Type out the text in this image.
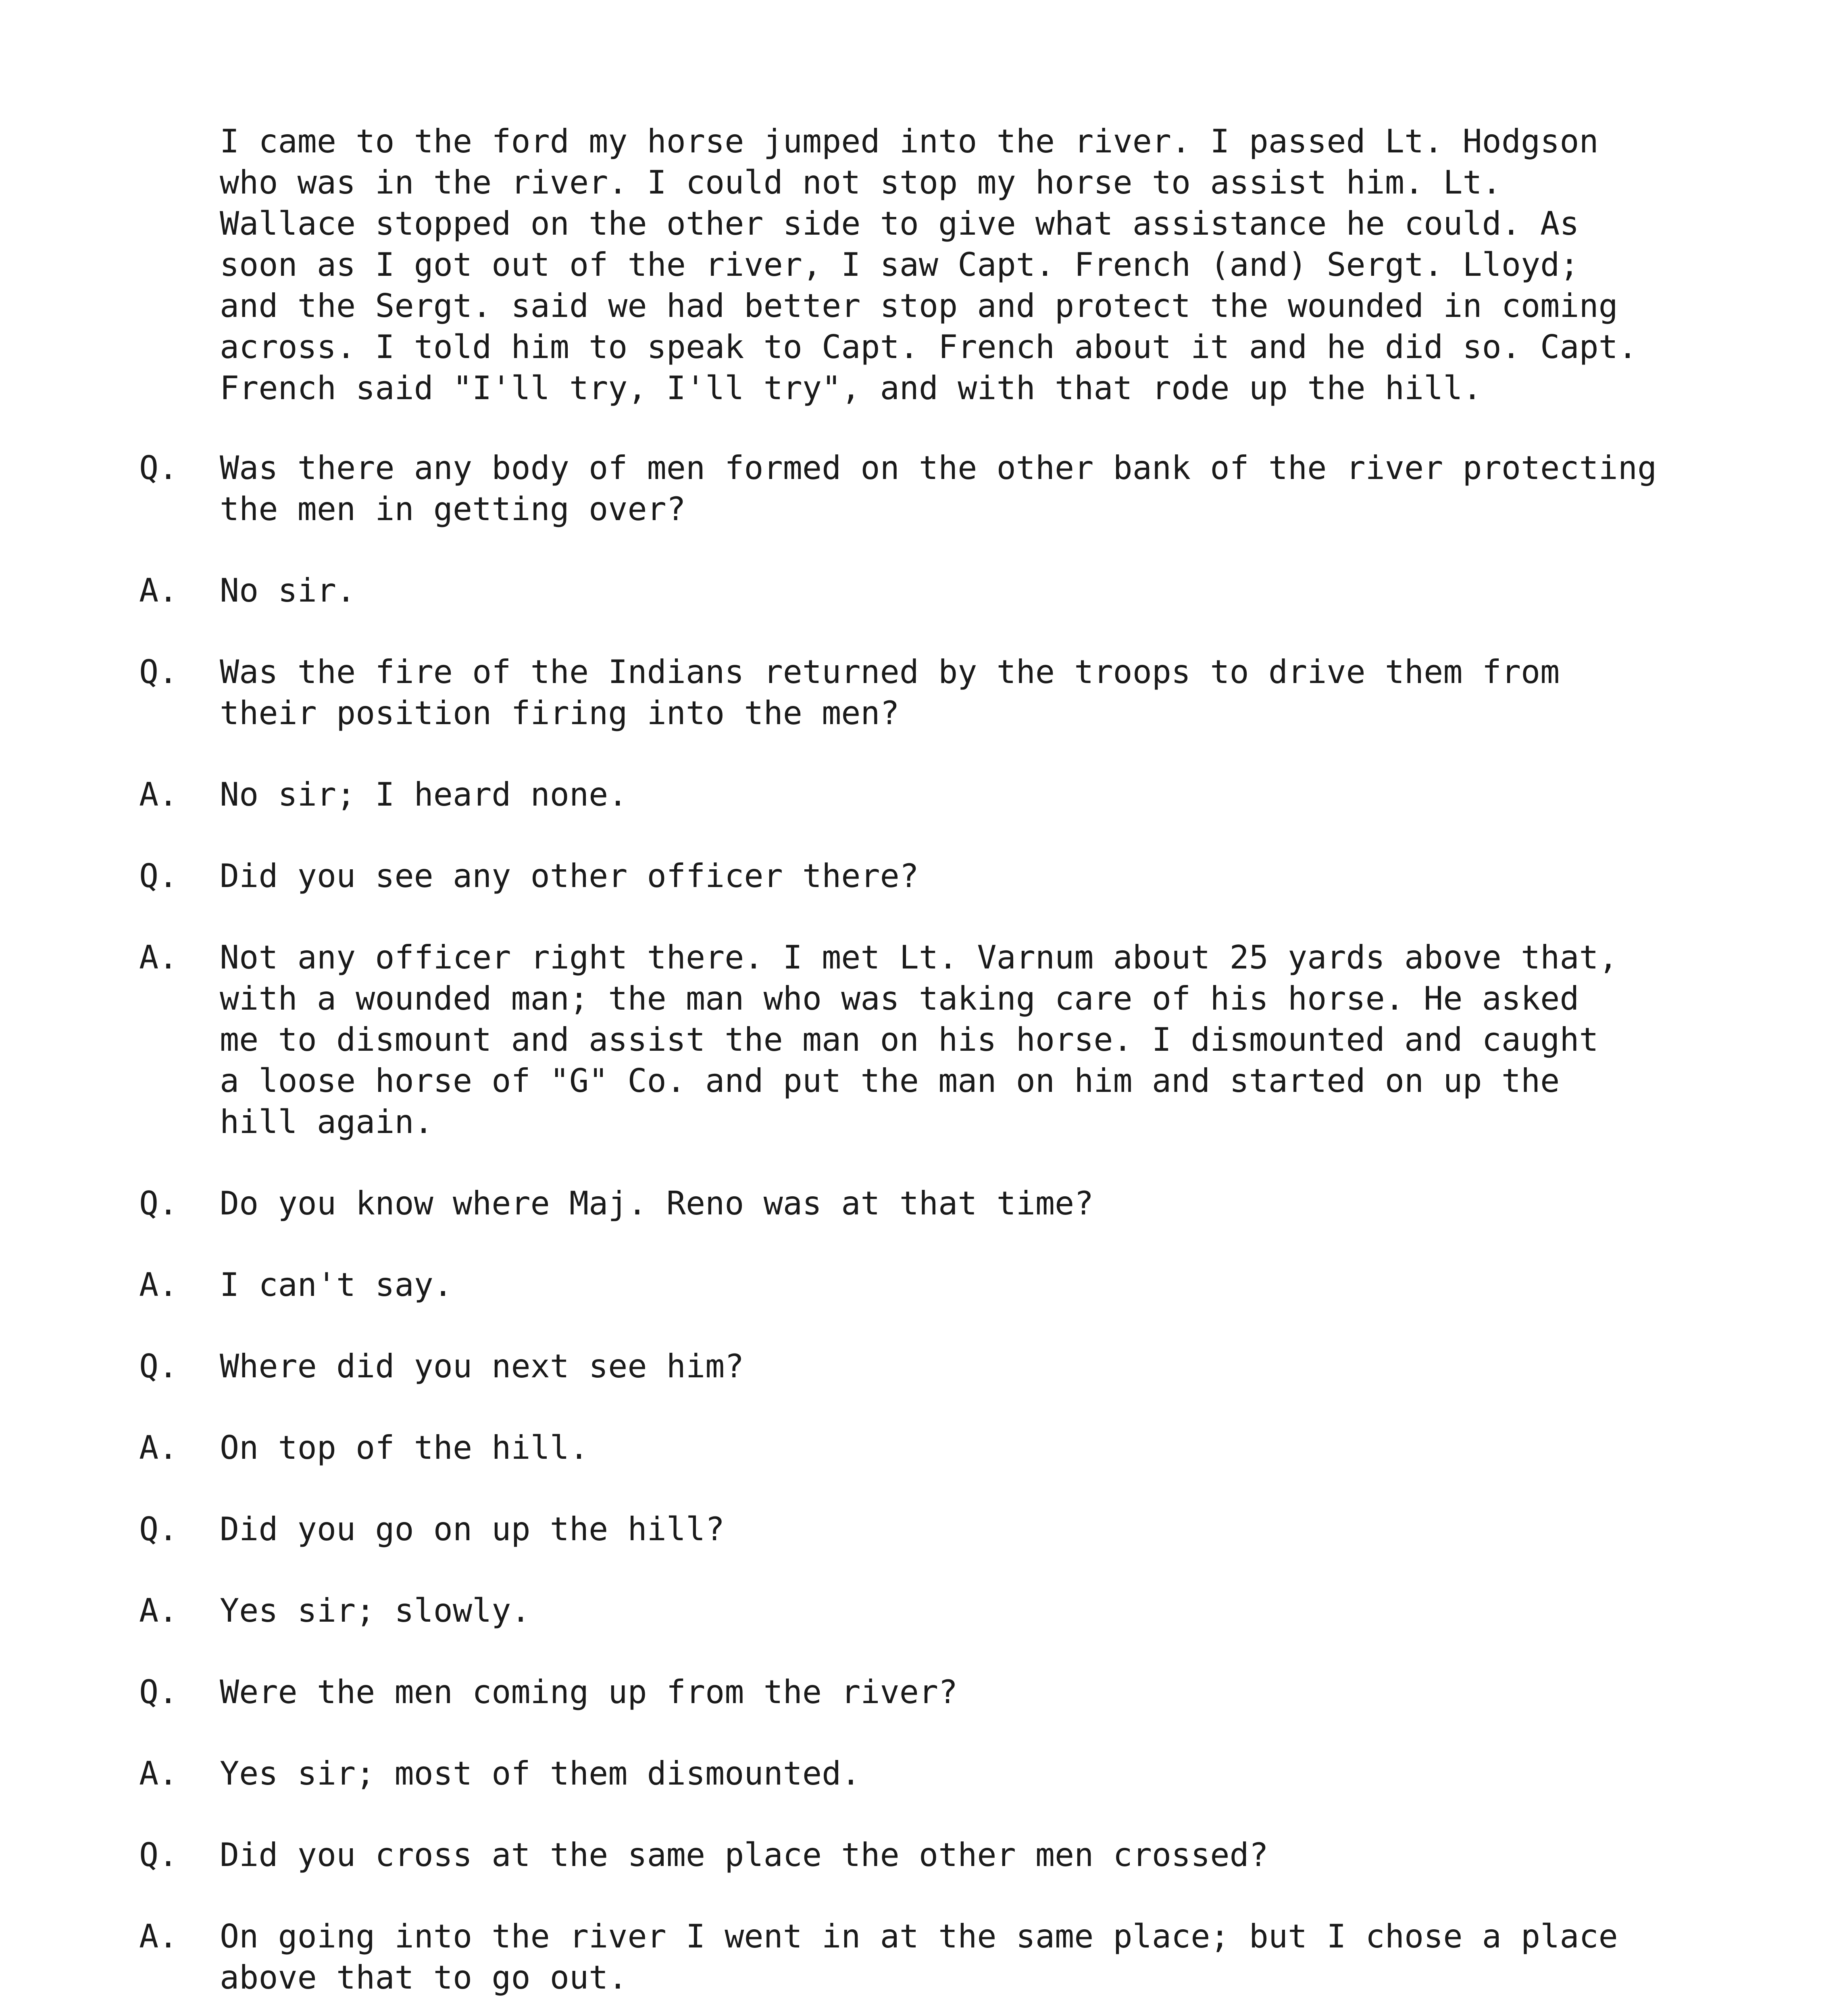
I came to the ford my horse jumped into the river. I passed Lt. Hodgson
who was in the river. I could not stop my horse to assist him. Lt.
Wallace stopped on the other side to give what assistance he could. As
soon as I got out of the river, I saw Capt. French (and) Sergt. Lloyd;
and the Sergt. said we had better stop and protect the wounded in coming
across. I told him to speak to Capt. French about it and he did so. Capt.
French said "I'll try, I'll try", and with that rode up the hill.
Q.	Was there any body of men formed on the other bank of the river protecting
the men in getting over?
A.	No sir.
Q.	Was the fire of the Indians returned by the troops to drive them from
their position firing into the men?
A.	No sir; I heard none.
Q.	Did you see any other officer there?
A.	Not any officer right there. I met Lt. Varnum about 25 yards above that,
with a wounded man; the man who was taking care of his horse. He asked
me to dismount and assist the man on his horse. I dismounted and caught
a loose horse of "G" Co. and put the man on him and started on up the
hill again.
Q.	Do you know where Maj. Reno was at that time?
A.	I can't say.
Q.	Where did you next see him?
A.	On top of the hill.
Q.	Did you go on up the hill?
A.	Yes sir; slowly.
Q.	Were the men coming up from the river?
A.	Yes sir; most of them dismounted.
Q.	Did you cross at the same place the other men crossed?
A.	On going into the river I went in at the same place; but I chose a place
above that to go out.
